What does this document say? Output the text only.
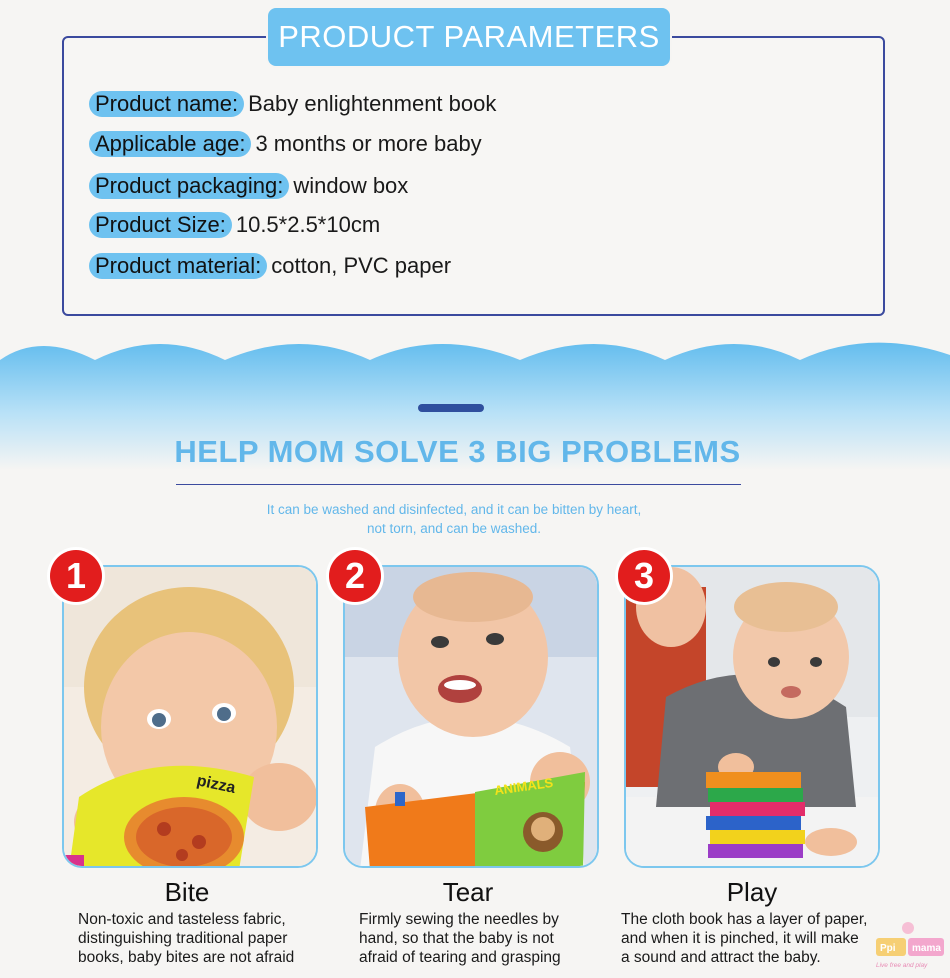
PRODUCT PARAMETERS
Product name: Baby enlightenment book
Applicable age: 3 months or more baby
Product packaging: window box
Product Size: 10.5*2.5*10cm
Product material: cotton, PVC paper
HELP MOM SOLVE 3 BIG PROBLEMS
It can be washed and disinfected, and it can be bitten by heart,
not torn, and can be washed.
pizza
1
Bite
Non-toxic and tasteless fabric,
distinguishing traditional paper
books, baby bites are not afraid
ANIMALS
2
Tear
Firmly sewing the needles by
hand, so that the baby is not
afraid of tearing and grasping
3
Play
The cloth book has a layer of paper,
and when it is pinched, it will make
a sound and attract the baby.
Ppi mama
Live free and play
